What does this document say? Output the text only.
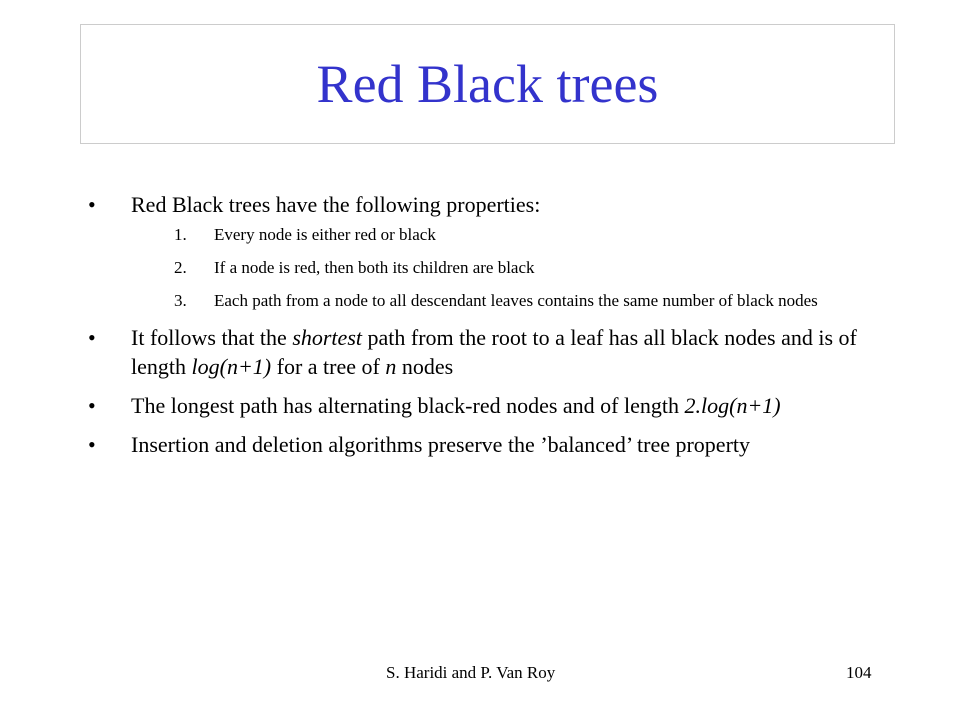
Red Black trees
• Red Black trees have the following properties:
1. Every node is either red or black
2. If a node is red, then both its children are black
3. Each path from a node to all descendant leaves contains the same number of black nodes
• It follows that the shortest path from the root to a leaf has all black nodes and is of length log(n+1) for a tree of n nodes
• The longest path has alternating black-red nodes and of length 2.log(n+1)
• Insertion and deletion algorithms preserve the ’balanced’ tree property
S. Haridi and P. Van Roy	104
